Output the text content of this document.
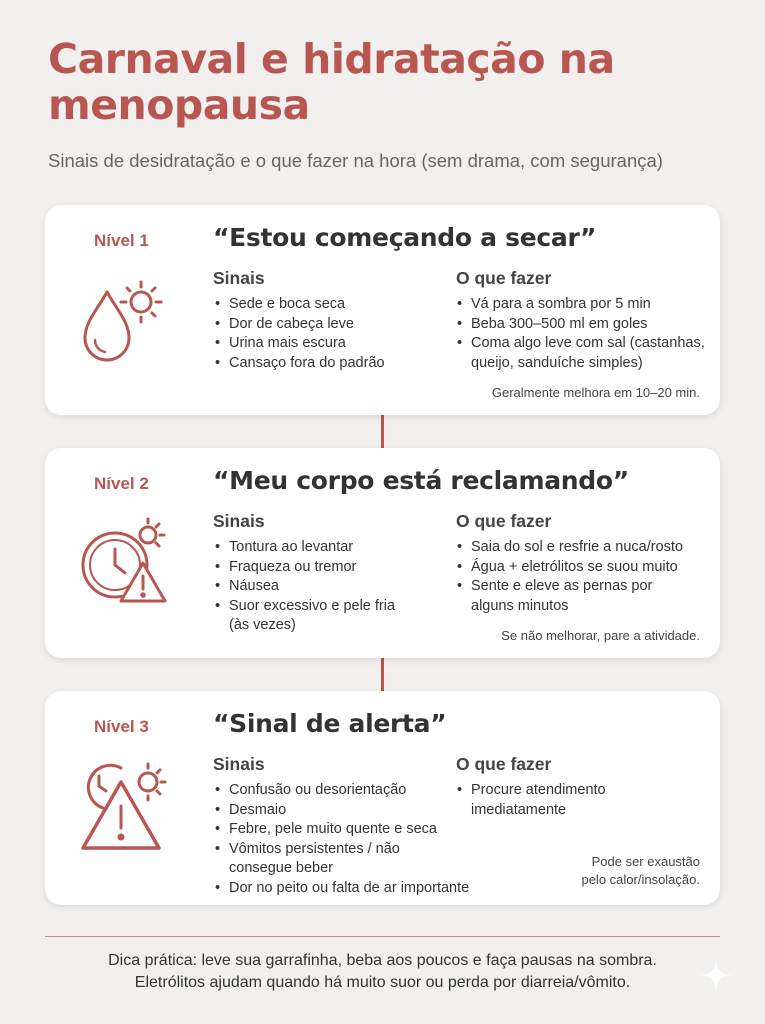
Carnaval e hidratação na menopausa

Sinais de desidratação e o que fazer na hora (sem drama, com segurança)

Nível 1	“Estou começando a secar”
Sinais
• Sede e boca seca
• Dor de cabeça leve
• Urina mais escura
• Cansaço fora do padrão
O que fazer
• Vá para a sombra por 5 min
• Beba 300–500 ml em goles
• Coma algo leve com sal (castanhas, queijo, sanduíche simples)
Geralmente melhora em 10–20 min.
Nível 2	“Meu corpo está reclamando”
Sinais
• Tontura ao levantar
• Fraqueza ou tremor
• Náusea
• Suor excessivo e pele fria (às vezes)
O que fazer
• Saia do sol e resfrie a nuca/rosto
• Água + eletrólitos se suou muito
• Sente e eleve as pernas por alguns minutos
Se não melhorar, pare a atividade.
Nível 3	“Sinal de alerta”
Sinais
• Confusão ou desorientação
• Desmaio
• Febre, pele muito quente e seca
• Vômitos persistentes / não consegue beber
• Dor no peito ou falta de ar importante
O que fazer
• Procure atendimento imediatamente
Pode ser exaustão pelo calor/insolação.
Dica prática: leve sua garrafinha, beba aos poucos e faça pausas na sombra.
Eletrólitos ajudam quando há muito suor ou perda por diarreia/vômito.
